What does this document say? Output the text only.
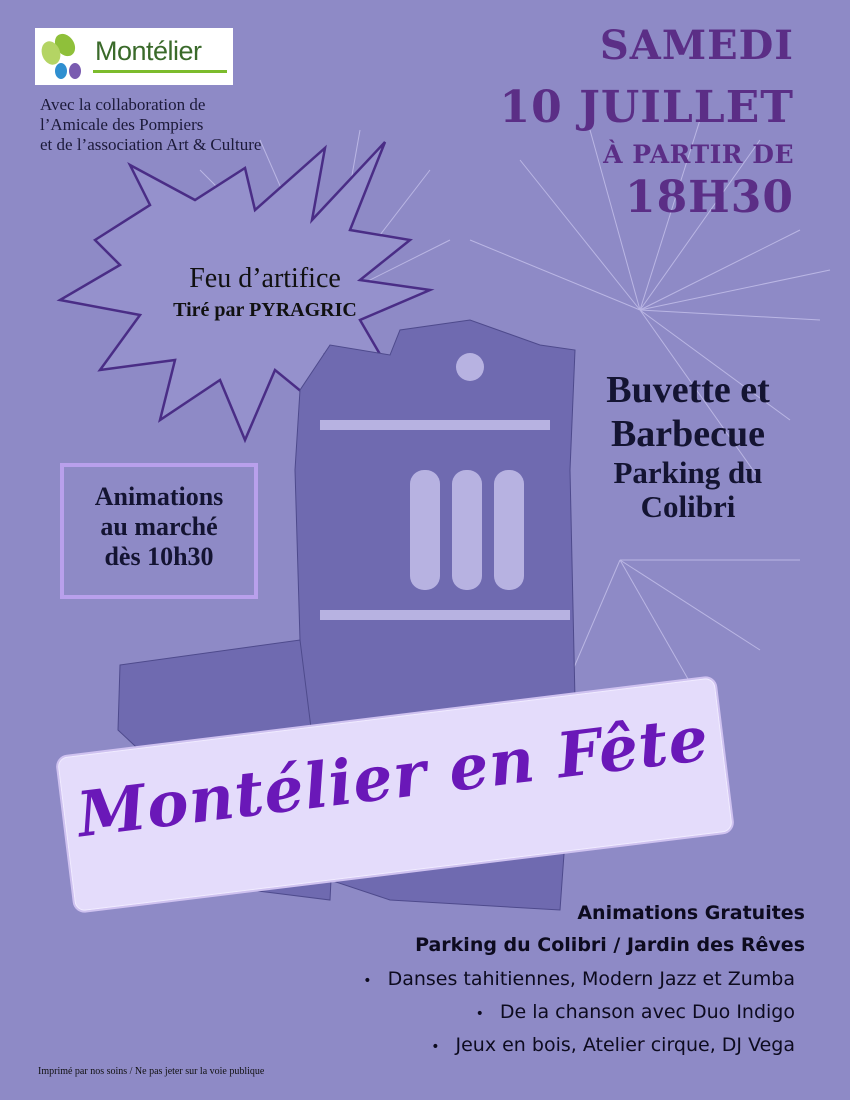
Montélier
Avec la collaboration de
l’Amicale des Pompiers
et de l’association Art & Culture
SAMEDI
10 JUILLET
À PARTIR DE
18H30
Feu d’artifice
Tiré par PYRAGRIC
Buvette et
Barbecue
Parking du
Colibri
Animations
au marché
dès 10h30
Montélier en Fête
Animations Gratuites
Parking du Colibri / Jardin des Rêves
• Danses tahitiennes, Modern Jazz et Zumba
• De la chanson avec Duo Indigo
• Jeux en bois, Atelier cirque, DJ Vega
Imprimé par nos soins / Ne pas jeter sur la voie publique
